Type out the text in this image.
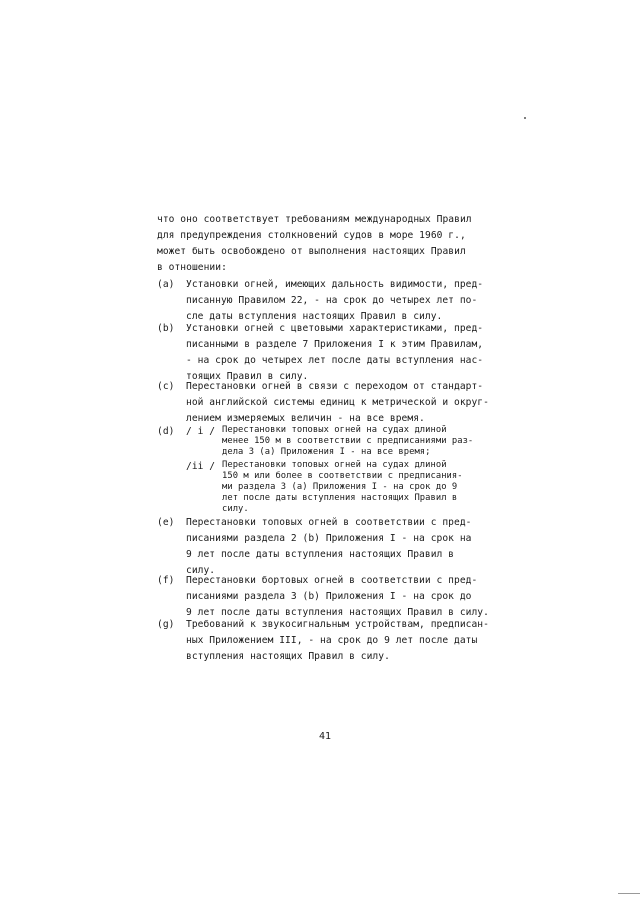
что оно соответствует требованиям международных Правил
для предупреждения столкновений судов в море 1960 г.,
может быть освобождено от выполнения настоящих Правил
в отношении:
(a) Установки огней, имеющих дальность видимости, пред-
писанную Правилом 22, - на срок до четырех лет по-
сле даты вступления настоящих Правил в силу.
(b) Установки огней с цветовыми характеристиками, пред-
писанными в разделе 7 Приложения I к этим Правилам,
- на срок до четырех лет после даты вступления нас-
тоящих Правил в силу.
(c) Перестановки огней в связи с переходом от стандарт-
ной английской системы единиц к метрической и округ-
лением измеряемых величин - на все время.
(d) / i / Перестановки топовых огней на судах длиной
менее 150 м в соответствии с предписаниями раз-
дела 3 (a) Приложения I - на все время;
/ii / Перестановки топовых огней на судах длиной
150 м или более в соответствии с предписания-
ми раздела 3 (a) Приложения I - на срок до 9
лет после даты вступления настоящих Правил в
силу.
(e) Перестановки топовых огней в соответствии с пред-
писаниями раздела 2 (b) Приложения I - на срок на
9 лет после даты вступления настоящих Правил в
силу.
(f) Перестановки бортовых огней в соответствии с пред-
писаниями раздела 3 (b) Приложения I - на срок до
9 лет после даты вступления настоящих Правил в силу.
(g) Требований к звукосигнальным устройствам, предписан-
ных Приложением III, - на срок до 9 лет после даты
вступления настоящих Правил в силу.
41
